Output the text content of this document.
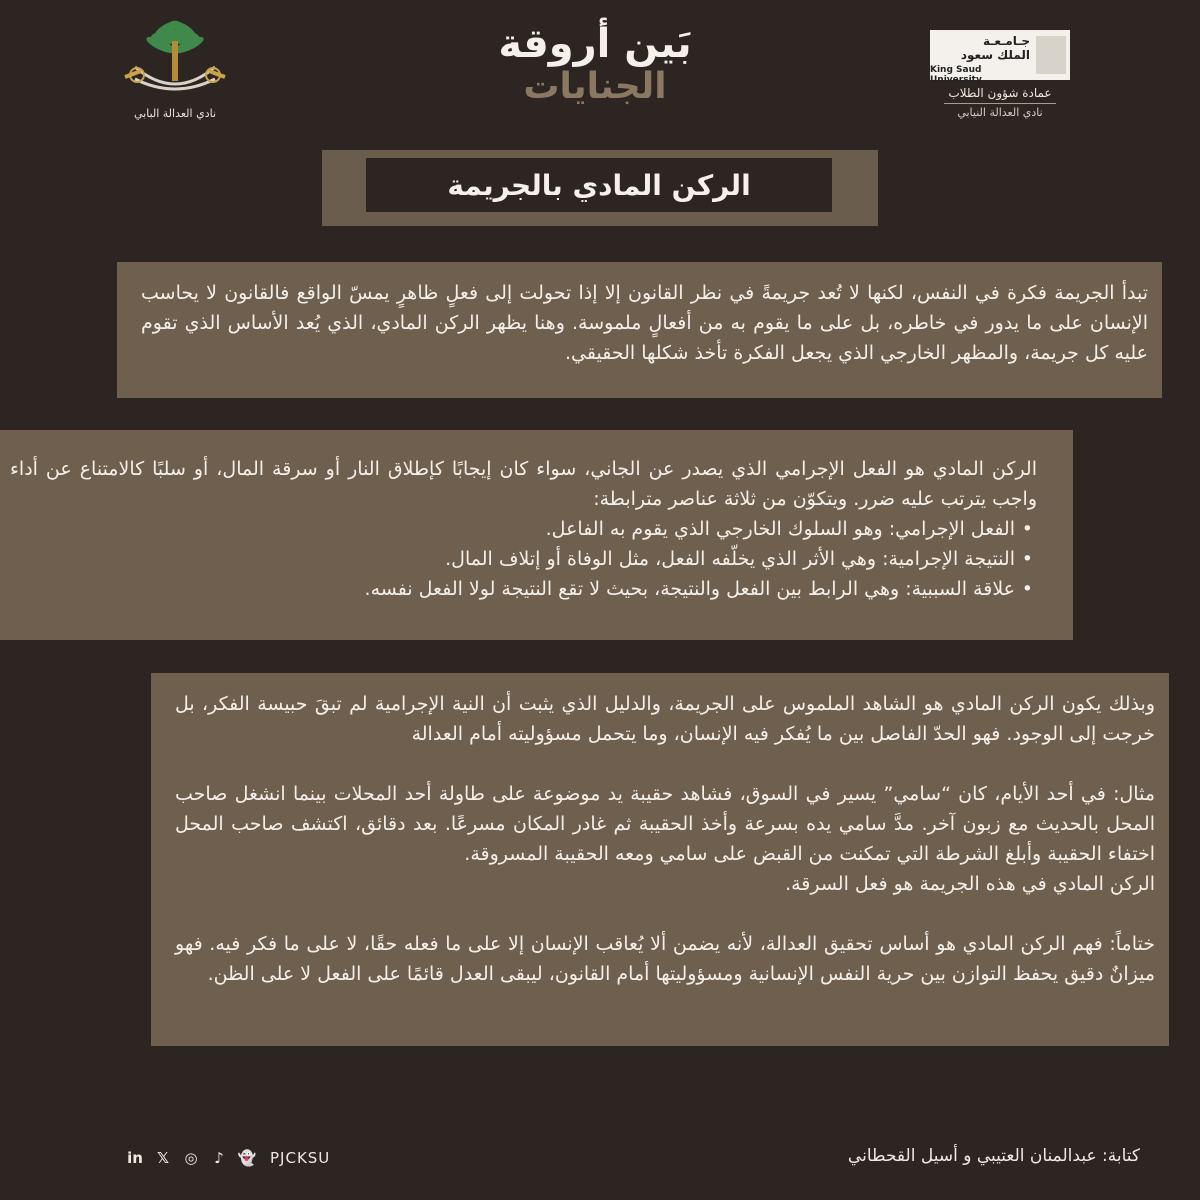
نادي العدالة البابي
بَين أروقة
الجنايات
جـامـعـة
الملك سعود
King Saud University
عمادة شؤون الطلاب
نادي العدالة النيابي
الركن المادي بالجريمة

تبدأ الجريمة فكرة في النفس، لكنها لا تُعد جريمةً في نظر القانون إلا إذا تحولت إلى فعلٍ ظاهرٍ يمسّ الواقع فالقانون لا يحاسب الإنسان على ما يدور في خاطره، بل على ما يقوم به من أفعالٍ ملموسة. وهنا يظهر الركن المادي، الذي يُعد الأساس الذي تقوم عليه كل جريمة، والمظهر الخارجي الذي يجعل الفكرة تأخذ شكلها الحقيقي.

الركن المادي هو الفعل الإجرامي الذي يصدر عن الجاني، سواء كان إيجابًا كإطلاق النار أو سرقة المال، أو سلبًا كالامتناع عن أداء واجب يترتب عليه ضرر. ويتكوّن من ثلاثة عناصر مترابطة:

• الفعل الإجرامي: وهو السلوك الخارجي الذي يقوم به الفاعل.
• النتيجة الإجرامية: وهي الأثر الذي يخلّفه الفعل، مثل الوفاة أو إتلاف المال.
• علاقة السببية: وهي الرابط بين الفعل والنتيجة، بحيث لا تقع النتيجة لولا الفعل نفسه.

وبذلك يكون الركن المادي هو الشاهد الملموس على الجريمة، والدليل الذي يثبت أن النية الإجرامية لم تبقَ حبيسة الفكر، بل خرجت إلى الوجود. فهو الحدّ الفاصل بين ما يُفكر فيه الإنسان، وما يتحمل مسؤوليته أمام العدالة

مثال: في أحد الأيام، كان “سامي” يسير في السوق، فشاهد حقيبة يد موضوعة على طاولة أحد المحلات بينما انشغل صاحب المحل بالحديث مع زبون آخر. مدَّ سامي يده بسرعة وأخذ الحقيبة ثم غادر المكان مسرعًا. بعد دقائق، اكتشف صاحب المحل اختفاء الحقيبة وأبلغ الشرطة التي تمكنت من القبض على سامي ومعه الحقيبة المسروقة.

الركن المادي في هذه الجريمة هو فعل السرقة.

ختاماً: فهم الركن المادي هو أساس تحقيق العدالة، لأنه يضمن ألا يُعاقب الإنسان إلا على ما فعله حقًا، لا على ما فكر فيه. فهو ميزانٌ دقيق يحفظ التوازن بين حرية النفس الإنسانية ومسؤوليتها أمام القانون، ليبقى العدل قائمًا على الفعل لا على الظن.

in 𝕏	◎	♪ 👻 PJCKSU	كتابة: عبدالمنان العتيبي و أسيل القحطاني
